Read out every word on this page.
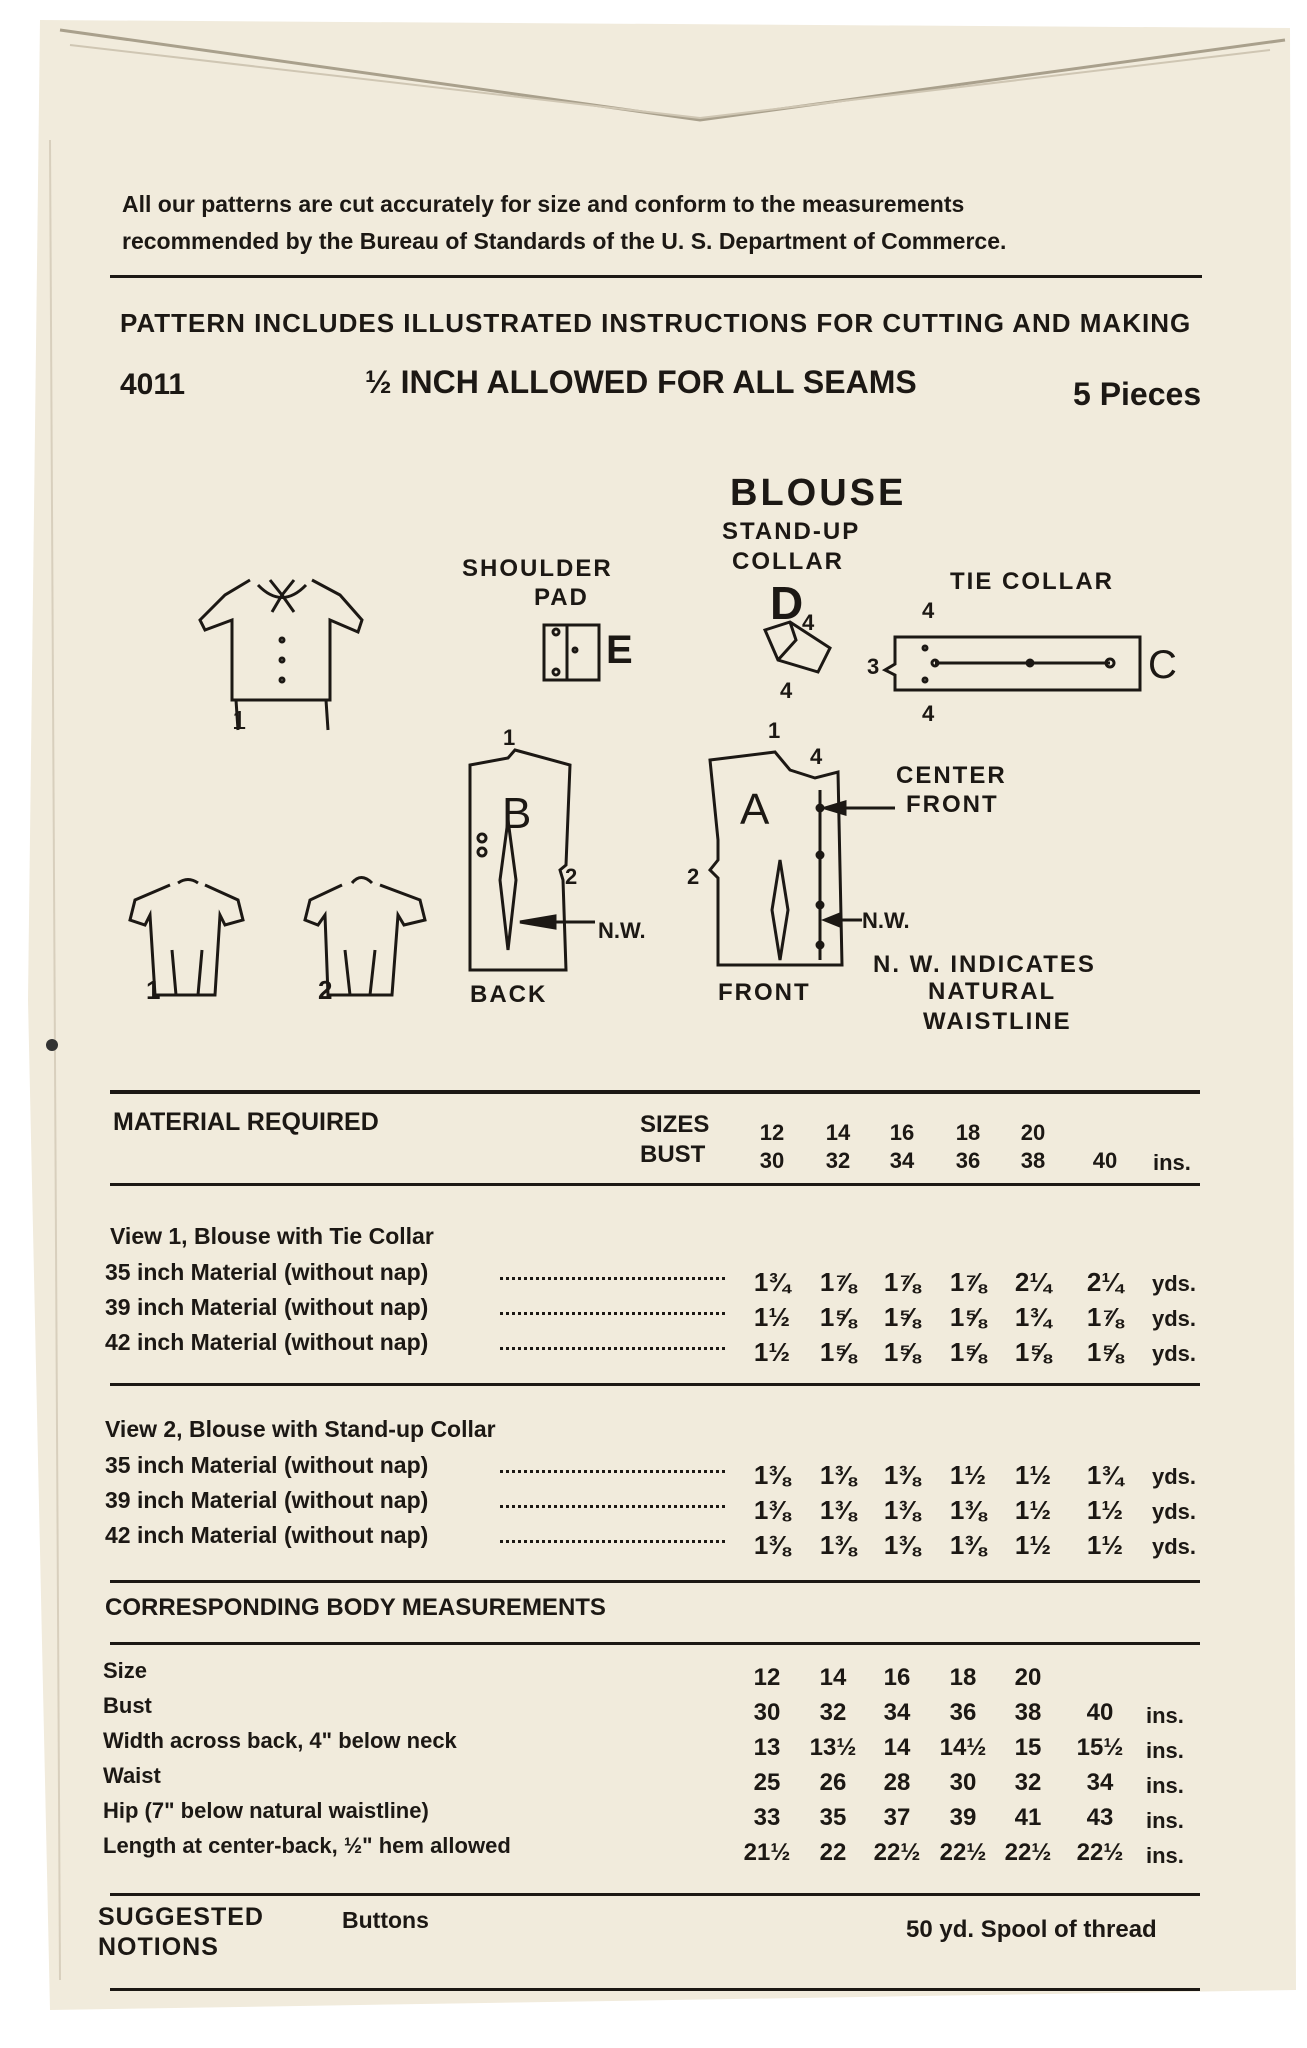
All our patterns are cut accurately for size and conform to the measurements
recommended by the Bureau of Standards of the U. S. Department of Commerce.
PATTERN INCLUDES ILLUSTRATED INSTRUCTIONS FOR CUTTING AND MAKING
4011	½ INCH ALLOWED FOR ALL SEAMS	5 Pieces
BLOUSE
STAND-UP
COLLAR
SHOULDER
PAD
TIE COLLAR
D
4
E	C
B	A
4
4
4
3
1	1
4
2	2
BACK	FRONT
CENTER
FRONT
N.W.	N.W.
N. W. INDICATES
NATURAL
WAISTLINE
1
1	2
MATERIAL REQUIRED	SIZES
BUST	ins.
View 1, Blouse with Tie Collar
View 2, Blouse with Stand-up Collar
CORRESPONDING BODY MEASUREMENTS
SUGGESTED
NOTIONS
Buttons	50 yd. Spool of thread
12	14	16	18	20
30	32	34	36	38	40
35 inch Material (without nap)	1¾	1⅞	1⅞	1⅞	2¼	2¼	yds.
39 inch Material (without nap)	1½	1⅝	1⅝	1⅝	1¾	1⅞	yds.
42 inch Material (without nap)	1½	1⅝	1⅝	1⅝	1⅝	1⅝	yds.
35 inch Material (without nap)	1⅜	1⅜	1⅜	1½	1½	1¾	yds.
39 inch Material (without nap)	1⅜	1⅜	1⅜	1⅜	1½	1½	yds.
42 inch Material (without nap)	1⅜	1⅜	1⅜	1⅜	1½	1½	yds.
Size	12	14	16	18	20
Bust	30	32	34	36	38	40	ins.
Width across back, 4" below neck	13	13½	14	14½	15	15½	ins.
Waist	25	26	28	30	32	34	ins.
Hip (7" below natural waistline)	33	35	37	39	41	43	ins.
Length at center-back, ½" hem allowed	21½	22	22½ 22½ 22½ 22½	ins.
